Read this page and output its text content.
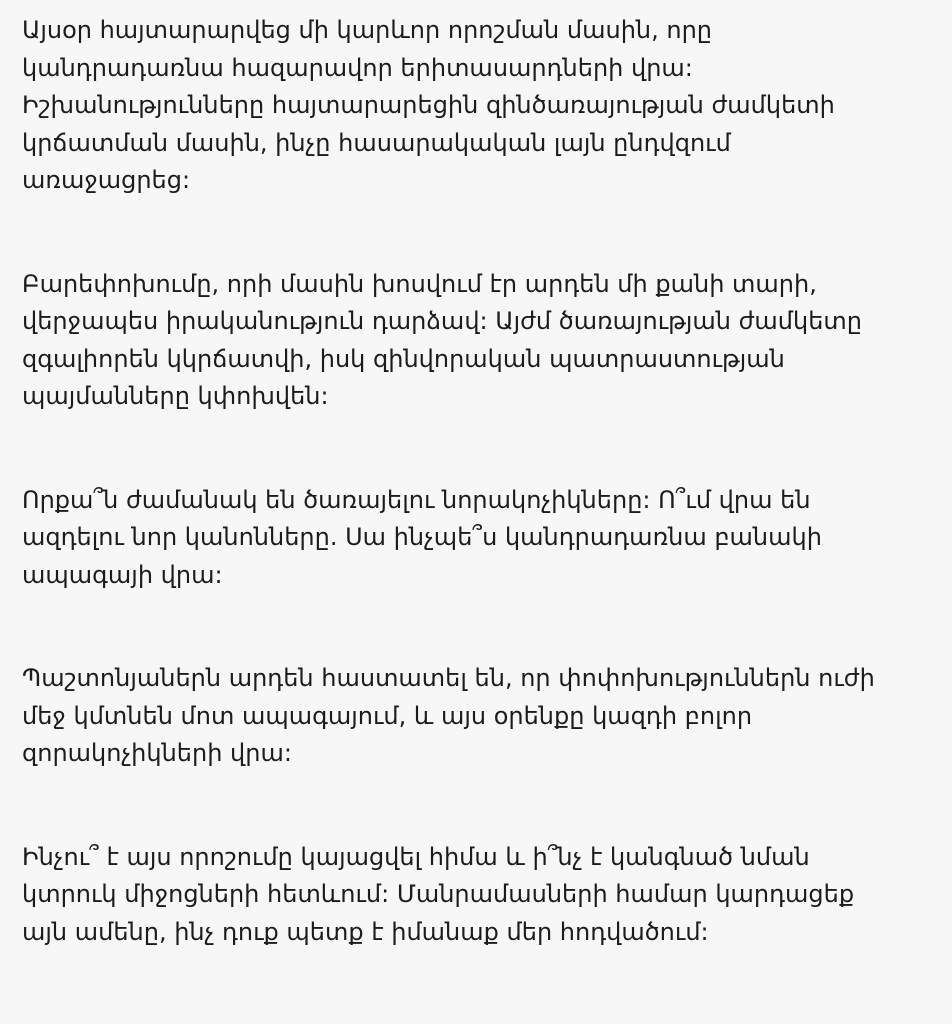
Այսօր հայտարարվեց մի կարևոր որոշման մասին, որը
կանդրադառնա հազարավոր երիտասարդների վրա:
Իշխանությունները հայտարարեցին զինծառայության ժամկետի
կրճատման մասին, ինչը հասարակական լայն ընդվզում
առաջացրեց:

Բարեփոխումը, որի մասին խոսվում էր արդեն մի քանի տարի,
վերջապես իրականություն դարձավ: Այժմ ծառայության ժամկետը
զգալիորեն կկրճատվի, իսկ զինվորական պատրաստության
պայմանները կփոխվեն:

Որքա՞ն ժամանակ են ծառայելու նորակոչիկները: Ո՞ւմ վրա են
ազդելու նոր կանոնները. Սա ինչպե՞ս կանդրադառնա բանակի
ապագայի վրա:

Պաշտոնյաներն արդեն հաստատել են, որ փոփոխություններն ուժի
մեջ կմտնեն մոտ ապագայում, և այս օրենքը կազդի բոլոր
զորակոչիկների վրա:

Ինչու՞ է այս որոշումը կայացվել հիմա և ի՞նչ է կանգնած նման
կտրուկ միջոցների հետևում: Մանրամասների համար կարդացեք
այն ամենը, ինչ դուք պետք է իմանաք մեր հոդվածում:
